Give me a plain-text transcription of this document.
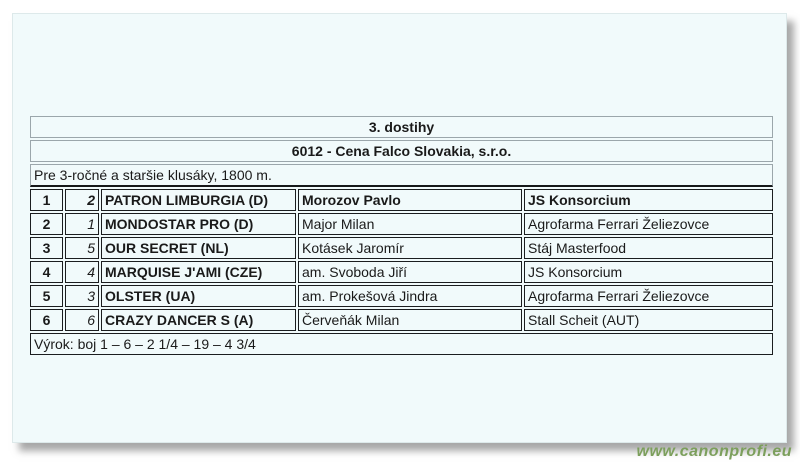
3. dostihy				
6012 - Cena Falco Slovakia, s.r.o.				
Pre 3-ročné a staršie klusáky, 1800 m.				
1	2	PATRON LIMBURGIA (D)	Morozov Pavlo	JS Konsorcium
2	1	MONDOSTAR PRO (D)	Major Milan	Agrofarma Ferrari Želiezovce
3	5	OUR SECRET (NL)	Kotásek Jaromír	Stáj Masterfood
4	4	MARQUISE J'AMI (CZE)	am. Svoboda Jiří	JS Konsorcium
5	3	OLSTER (UA)	am. Prokešová Jindra	Agrofarma Ferrari Želiezovce
6	6	CRAZY DANCER S (A)	Červeňák Milan	Stall Scheit (AUT)
Výrok: boj 1 – 6 – 2 1/4 – 19 – 4 3/4				
www.canonprofi.eu
